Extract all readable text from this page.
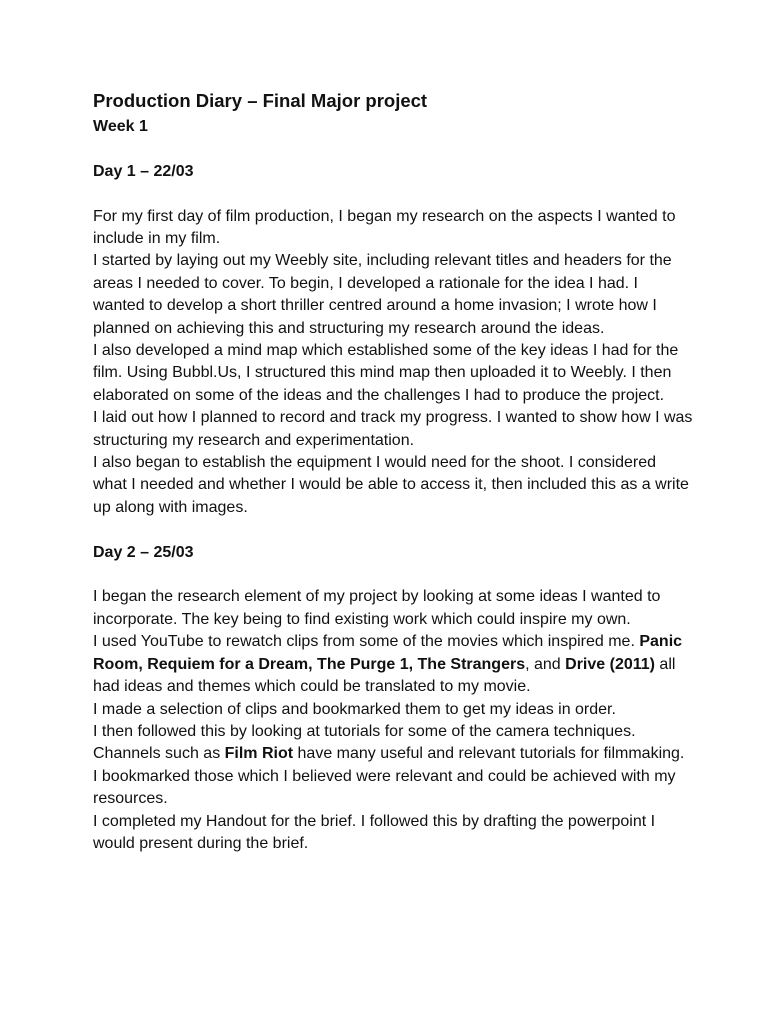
Production Diary – Final Major project
Week 1
Day 1 – 22/03

For my first day of film production, I began my research on the aspects I wanted to include in my film.

I started by laying out my Weebly site, including relevant titles and headers for the areas I needed to cover. To begin, I developed a rationale for the idea I had. I wanted to develop a short thriller centred around a home invasion; I wrote how I planned on achieving this and structuring my research around the ideas.

I also developed a mind map which established some of the key ideas I had for the film. Using Bubbl.Us, I structured this mind map then uploaded it to Weebly. I then elaborated on some of the ideas and the challenges I had to produce the project.

I laid out how I planned to record and track my progress. I wanted to show how I was structuring my research and experimentation.

I also began to establish the equipment I would need for the shoot. I considered what I needed and whether I would be able to access it, then included this as a write up along with images.

Day 2 – 25/03

I began the research element of my project by looking at some ideas I wanted to incorporate. The key being to find existing work which could inspire my own.

I used YouTube to rewatch clips from some of the movies which inspired me. Panic Room, Requiem for a Dream, The Purge 1, The Strangers, and Drive (2011) all had ideas and themes which could be translated to my movie.

I made a selection of clips and bookmarked them to get my ideas in order.

I then followed this by looking at tutorials for some of the camera techniques. Channels such as Film Riot have many useful and relevant tutorials for filmmaking. I bookmarked those which I believed were relevant and could be achieved with my resources.

I completed my Handout for the brief. I followed this by drafting the powerpoint I would present during the brief.
